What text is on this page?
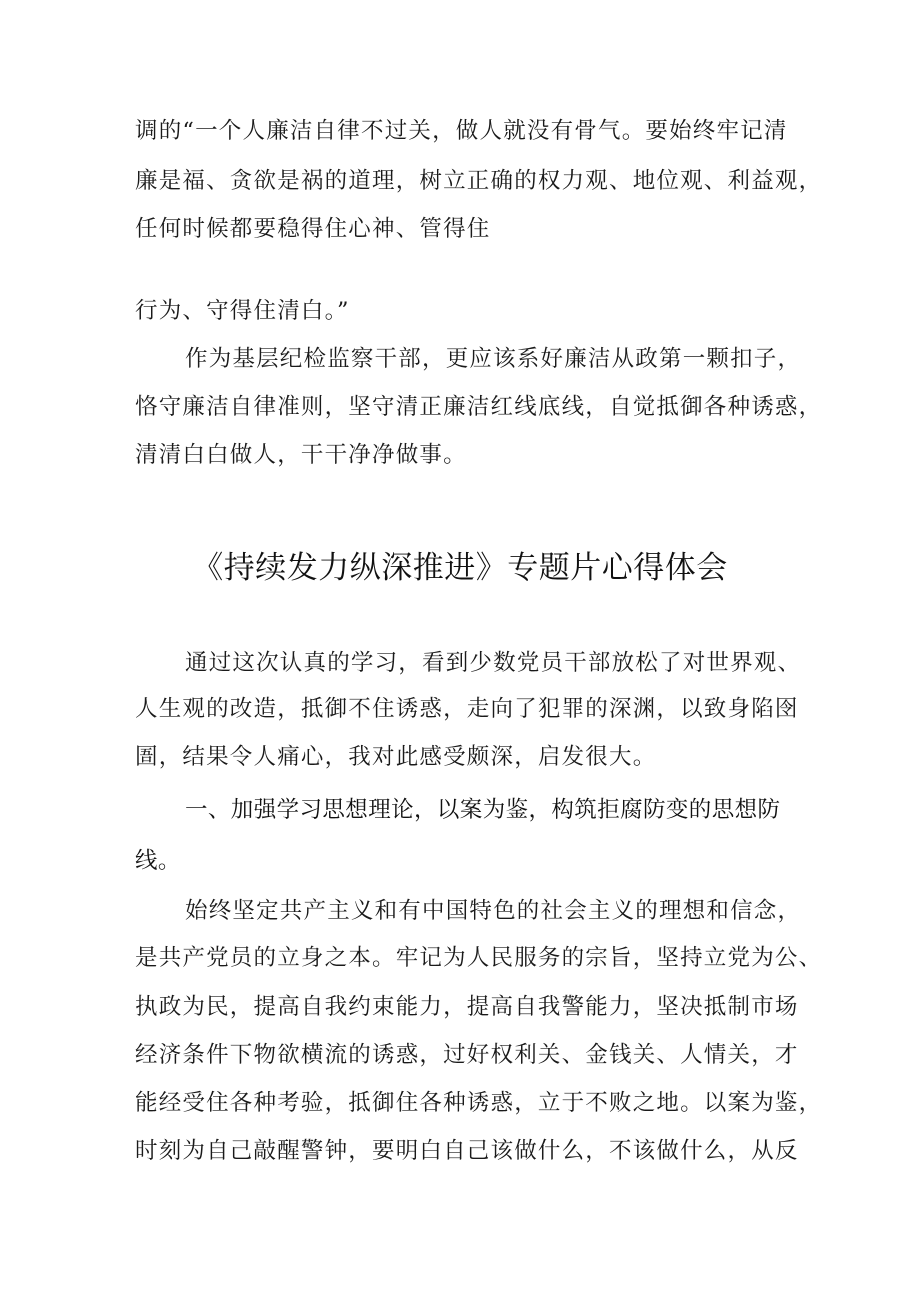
调的“一个人廉洁自律不过关，做人就没有骨气。要始终牢记清
廉是福、贪欲是祸的道理，树立正确的权力观、地位观、利益观，
任何时候都要稳得住心神、管得住
行为、守得住清白。”
作为基层纪检监察干部，更应该系好廉洁从政第一颗扣子，
恪守廉洁自律准则，坚守清正廉洁红线底线，自觉抵御各种诱惑，
清清白白做人，干干净净做事。
《持续发力纵深推进》专题片心得体会
通过这次认真的学习，看到少数党员干部放松了对世界观、
人生观的改造，抵御不住诱惑，走向了犯罪的深渊，以致身陷囹
圄，结果令人痛心，我对此感受颇深，启发很大。
一、加强学习思想理论，以案为鉴，构筑拒腐防变的思想防
线。
始终坚定共产主义和有中国特色的社会主义的理想和信念，
是共产党员的立身之本。牢记为人民服务的宗旨，坚持立党为公、
执政为民，提高自我约束能力，提高自我警能力，坚决抵制市场
经济条件下物欲横流的诱惑，过好权利关、金钱关、人情关，才
能经受住各种考验，抵御住各种诱惑，立于不败之地。以案为鉴，
时刻为自己敲醒警钟，要明白自己该做什么，不该做什么，从反
